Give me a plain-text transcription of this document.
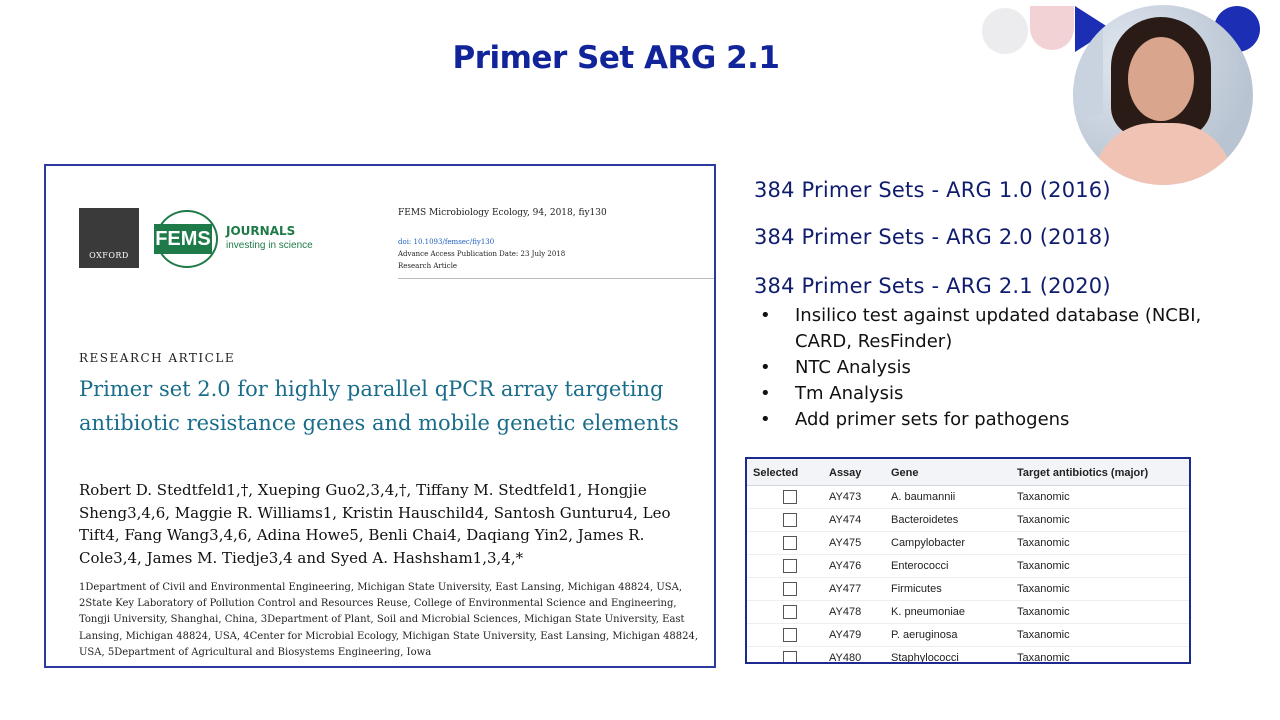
Primer Set ARG 2.1
OXFORD
FEMS JOURNALS
investing in science
FEMS Microbiology Ecology, 94, 2018, fiy130
doi: 10.1093/femsec/fiy130
Advance Access Publication Date: 23 July 2018
Research Article
RESEARCH ARTICLE
Primer set 2.0 for highly parallel qPCR array targeting antibiotic resistance genes and mobile genetic elements
Robert D. Stedtfeld1,†, Xueping Guo2,3,4,†, Tiffany M. Stedtfeld1, Hongjie Sheng3,4,6, Maggie R. Williams1, Kristin Hauschild4, Santosh Gunturu4, Leo Tift4, Fang Wang3,4,6, Adina Howe5, Benli Chai4, Daqiang Yin2, James R. Cole3,4, James M. Tiedje3,4 and Syed A. Hashsham1,3,4,*
1Department of Civil and Environmental Engineering, Michigan State University, East Lansing, Michigan 48824, USA, 2State Key Laboratory of Pollution Control and Resources Reuse, College of Environmental Science and Engineering, Tongji University, Shanghai, China, 3Department of Plant, Soil and Microbial Sciences, Michigan State University, East Lansing, Michigan 48824, USA, 4Center for Microbial Ecology, Michigan State University, East Lansing, Michigan 48824, USA, 5Department of Agricultural and Biosystems Engineering, Iowa
384 Primer Sets - ARG 1.0 (2016)
384 Primer Sets - ARG 2.0 (2018)
384 Primer Sets - ARG 2.1 (2020)
• Insilico test against updated database (NCBI, CARD, ResFinder)
• NTC Analysis
• Tm Analysis
• Add primer sets for pathogens
Selected	Assay	Gene	Target antibiotics (major)
	AY473	A. baumannii	Taxanomic
	AY474	Bacteroidetes	Taxanomic
	AY475	Campylobacter	Taxanomic
	AY476	Enterococci	Taxanomic
	AY477	Firmicutes	Taxanomic
	AY478	K. pneumoniae	Taxanomic
	AY479	P. aeruginosa	Taxanomic
	AY480	Staphylococci	Taxanomic
